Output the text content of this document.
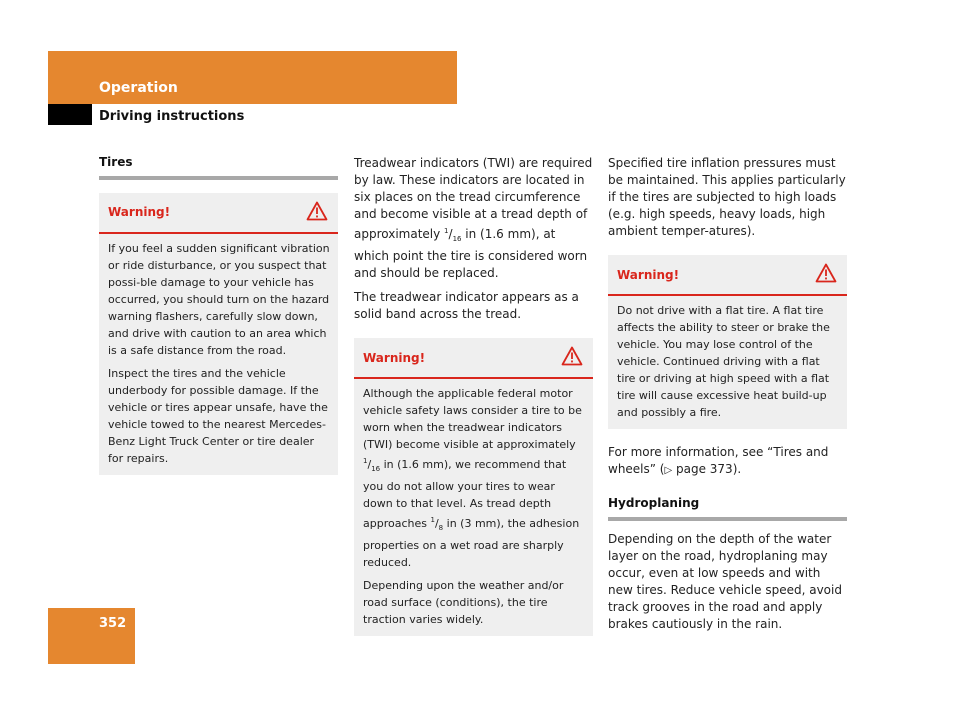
Operation
Driving instructions
352
Tires
Warning!

If you feel a sudden significant vibration or ride disturbance, or you suspect that possi-ble damage to your vehicle has occurred, you should turn on the hazard warning flashers, carefully slow down, and drive with caution to an area which is a safe distance from the road.

Inspect the tires and the vehicle underbody for possible damage. If the vehicle or tires appear unsafe, have the vehicle towed to the nearest Mercedes-Benz Light Truck Center or tire dealer for repairs.

Treadwear indicators (TWI) are required by law. These indicators are located in six places on the tread circumference and become visible at a tread depth of approximately $^1/_{16}$ in (1.6 mm), at which point the tire is considered worn and should be replaced.

The treadwear indicator appears as a solid band across the tread.

Warning!

Although the applicable federal motor vehicle safety laws consider a tire to be worn when the treadwear indicators (TWI) become visible at approximately $^1/_{16}$ in (1.6 mm), we recommend that you do not allow your tires to wear down to that level. As tread depth approaches $^1/_8$ in (3 mm), the adhesion properties on a wet road are sharply reduced.

Depending upon the weather and/or road surface (conditions), the tire traction varies widely.

Specified tire inflation pressures must be maintained. This applies particularly if the tires are subjected to high loads (e.g. high speeds, heavy loads, high ambient temper-atures).

Warning!

Do not drive with a flat tire. A flat tire affects the ability to steer or brake the vehicle. You may lose control of the vehicle. Continued driving with a flat tire or driving at high speed with a flat tire will cause excessive heat build-up and possibly a fire.

For more information, see “Tires and wheels” (▷ page 373).

Hydroplaning

Depending on the depth of the water layer on the road, hydroplaning may occur, even at low speeds and with new tires. Reduce vehicle speed, avoid track grooves in the road and apply brakes cautiously in the rain.
